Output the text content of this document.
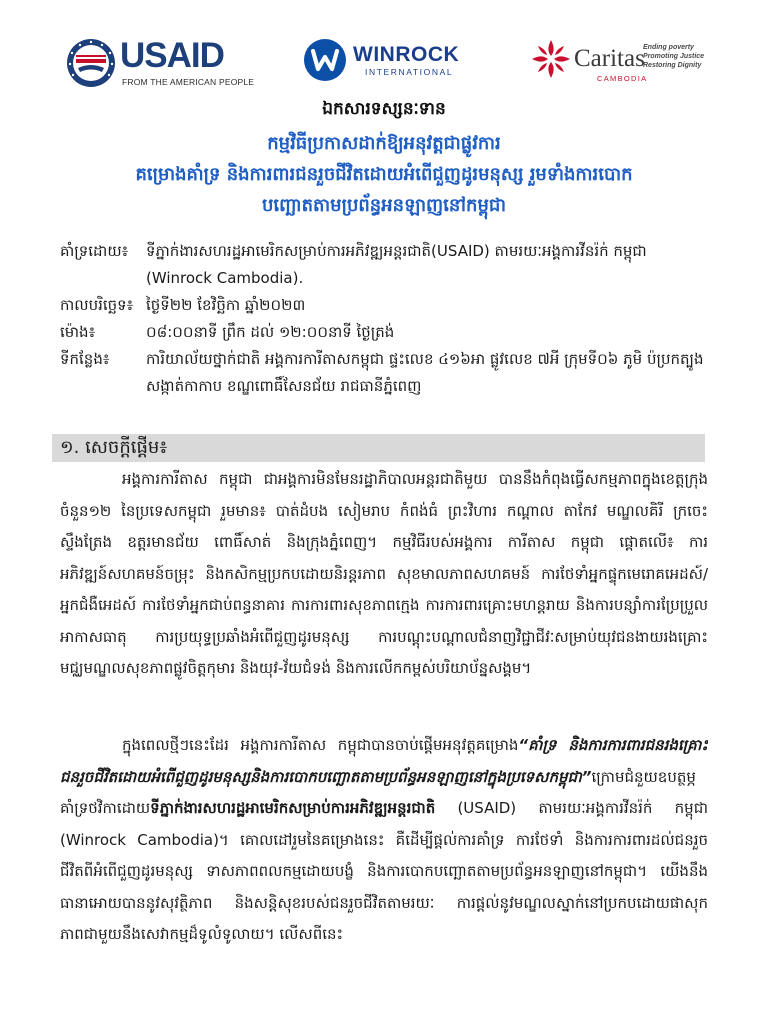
USAID
FROM THE AMERICAN PEOPLE
WINROCK
INTERNATIONAL	Caritas
CAMBODIA
Ending poverty
Promoting Justice
Restoring Dignity
ឯកសារទស្សនៈទាន
កម្មវិធីប្រកាសដាក់ឱ្យអនុវត្តជាផ្លូវការ
គម្រោងគាំទ្រ និងការពារជនរួចជីវិតដោយអំពើជួញដូរមនុស្ស រួមទាំងការបោក
បញ្ឆោតតាមប្រព័ន្ធអនឡាញនៅកម្ពុជា
គាំទ្រដោយ៖	ទីភ្នាក់ងារសហរដ្ឋអាមេរិកសម្រាប់ការអភិវឌ្ឍអន្តរជាតិ(USAID) តាមរយៈអង្គការវីនរ៉ក់ កម្ពុជា (Winrock Cambodia).
កាលបរិច្ឆេទ៖ ថ្ងៃទី២២ ខែវិច្ឆិកា ឆ្នាំ២០២៣
ម៉ោង៖	០៨:០០នាទី ព្រឹក ដល់ ១២:០០នាទី ថ្ងៃត្រង់
ទីកន្លែង៖	ការិយាល័យថ្នាក់ជាតិ អង្គការការីតាសកម្ពុជា ផ្ទះលេខ ៤១៦អា ផ្លូវលេខ ៧អី ក្រុមទី០៦ ភូមិ ប៉ប្រកត្បូង សង្កាត់កាកាប ខណ្ឌពោធិ៍សែនជ័យ រាជធានីភ្នំពេញ
១. សេចក្ដីផ្ដើម៖
អង្គការការីតាស កម្ពុជា ជាអង្គការមិនមែនរដ្ឋាភិបាលអន្តរជាតិមួយ បាននឹងកំពុងធ្វើសកម្មភាពក្នុងខេត្តក្រុងចំនួន១២ នៃប្រទេសកម្ពុជា រួមមាន៖ បាត់ដំបង សៀមរាប កំពង់ធំ ព្រះវិហារ កណ្ដាល តាកែវ មណ្ឌលគិរី ក្រចេះ ស្ទឹងត្រែង ឧត្តរមានជ័យ ពោធិ៍សាត់ និងក្រុងភ្នំពេញ។ កម្មវិធីរបស់អង្គការ ការីតាស កម្ពុជា ផ្ដោតលើ៖ ការអភិវឌ្ឍន៍សហគមន៍ចម្រុះ និងកសិកម្មប្រកបដោយនិរន្តរភាព សុខមាលភាពសហគមន៍ ការថែទាំអ្នកផ្ទុកមេរោគអេដស៍/អ្នកជំងឺអេដស៍ ការថែទាំអ្នកជាប់ពន្ធនាគារ ការការពារសុខភាពក្មេង ការការពារគ្រោះមហន្តរាយ និងការបន្សាំការប្រែប្រួលអាកាសធាតុ ការប្រយុទ្ធប្រឆាំងអំពើជួញដូរមនុស្ស ការបណ្ដុះបណ្ដាលជំនាញវិជ្ជាជីវៈសម្រាប់យុវជនងាយរងគ្រោះ មជ្ឈមណ្ឌលសុខភាពផ្លូវចិត្តកុមារ និងយុវ-វ័យជំទង់ និងការលើកកម្ពស់បរិយាប័ន្នសង្គម។
ក្នុងពេលថ្មីៗនេះដែរ អង្គការការីតាស កម្ពុជាបានចាប់ផ្ដើមអនុវត្តគម្រោង“គាំទ្រ និងការការពារជនរងគ្រោះ ជនរួចជីវិតដោយអំពើជួញដូរមនុស្សនិងការបោកបញ្ឆោតតាមប្រព័ន្ធអនឡាញនៅក្នុងប្រទេសកម្ពុជា”ក្រោមជំនួយឧបត្ថម្ភគាំទ្រថវិកាដោយទីភ្នាក់ងារសហរដ្ឋអាមេរិកសម្រាប់ការអភិវឌ្ឍអន្តរជាតិ (USAID) តាមរយៈអង្គការវីនរ៉ក់ កម្ពុជា (Winrock Cambodia)។ គោលដៅរួមនៃគម្រោងនេះ គឺដើម្បីផ្ដល់ការគាំទ្រ ការថែទាំ និងការការពារដល់ជនរួចជីវិតពីអំពើជួញដូរមនុស្ស ទាសភាពពលកម្មដោយបង្ខំ និងការបោកបញ្ឆោតតាមប្រព័ន្ធអនឡាញនៅកម្ពុជា។ យើងនឹងធានាអោយបាននូវសុវត្ថិភាព និងសន្តិសុខរបស់ជនរួចជីវិតតាមរយៈ ការផ្ដល់នូវមណ្ឌលស្នាក់នៅប្រកបដោយផាសុកភាពជាមួយនឹងសេវាកម្មដ៏ទូលំទូលាយ។ លើសពីនេះ
